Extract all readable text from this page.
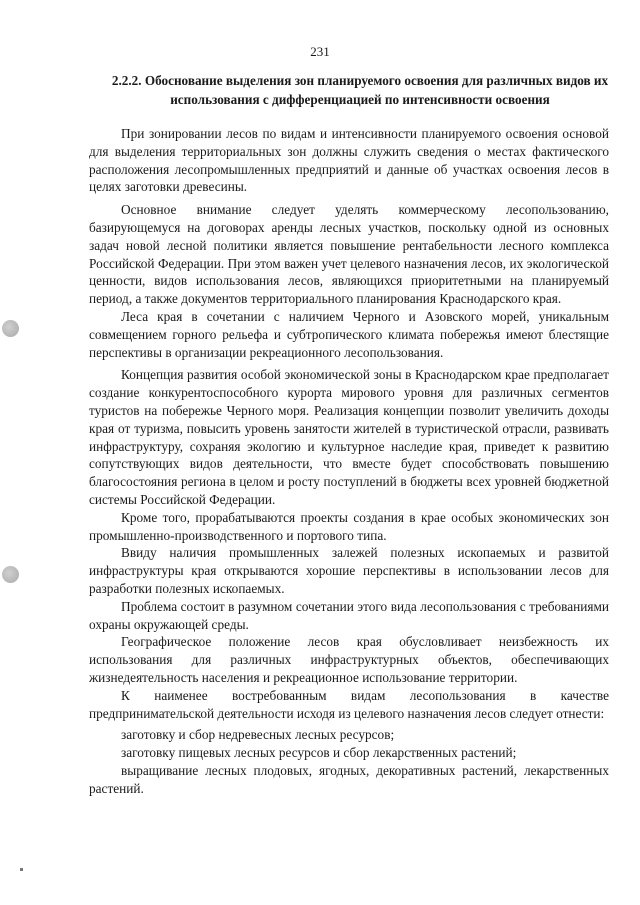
231
2.2.2. Обоснование выделения зон планируемого освоения для различных видов их использования с дифференциацией по интенсивности освоения

При зонировании лесов по видам и интенсивности планируемого освоения основой для выделения территориальных зон должны служить сведения о местах фактического расположения лесопромышленных предприятий и данные об участках освоения лесов в целях заготовки древесины.

Основное внимание следует уделять коммерческому лесопользованию, базирующемуся на договорах аренды лесных участков, поскольку одной из основных задач новой лесной политики является повышение рентабельности лесного комплекса Российской Федерации. При этом важен учет целевого назначения лесов, их экологической ценности, видов использования лесов, являющихся приоритетными на планируемый период, а также документов территориального планирования Краснодарского края.

Леса края в сочетании с наличием Черного и Азовского морей, уникальным совмещением горного рельефа и субтропического климата побережья имеют блестящие перспективы в организации рекреационного лесопользования.

Концепция развития особой экономической зоны в Краснодарском крае предполагает создание конкурентоспособного курорта мирового уровня для различных сегментов туристов на побережье Черного моря. Реализация концепции позволит увеличить доходы края от туризма, повысить уровень занятости жителей в туристической отрасли, развивать инфраструктуру, сохраняя экологию и культурное наследие края, приведет к развитию сопутствующих видов деятельности, что вместе будет способствовать повышению благосостояния региона в целом и росту поступлений в бюджеты всех уровней бюджетной системы Российской Федерации.

Кроме того, прорабатываются проекты создания в крае особых экономических зон промышленно-производственного и портового типа.

Ввиду наличия промышленных залежей полезных ископаемых и развитой инфраструктуры края открываются хорошие перспективы в использовании лесов для разработки полезных ископаемых.

Проблема состоит в разумном сочетании этого вида лесопользования с требованиями охраны окружающей среды.

Географическое положение лесов края обусловливает неизбежность их использования для различных инфраструктурных объектов, обеспечивающих жизнедеятельность населения и рекреационное использование территории.

К наименее востребованным видам лесопользования в качестве предпринимательской деятельности исходя из целевого назначения лесов следует отнести:

заготовку и сбор недревесных лесных ресурсов;

заготовку пищевых лесных ресурсов и сбор лекарственных растений;

выращивание лесных плодовых, ягодных, декоративных растений, лекарственных растений.
